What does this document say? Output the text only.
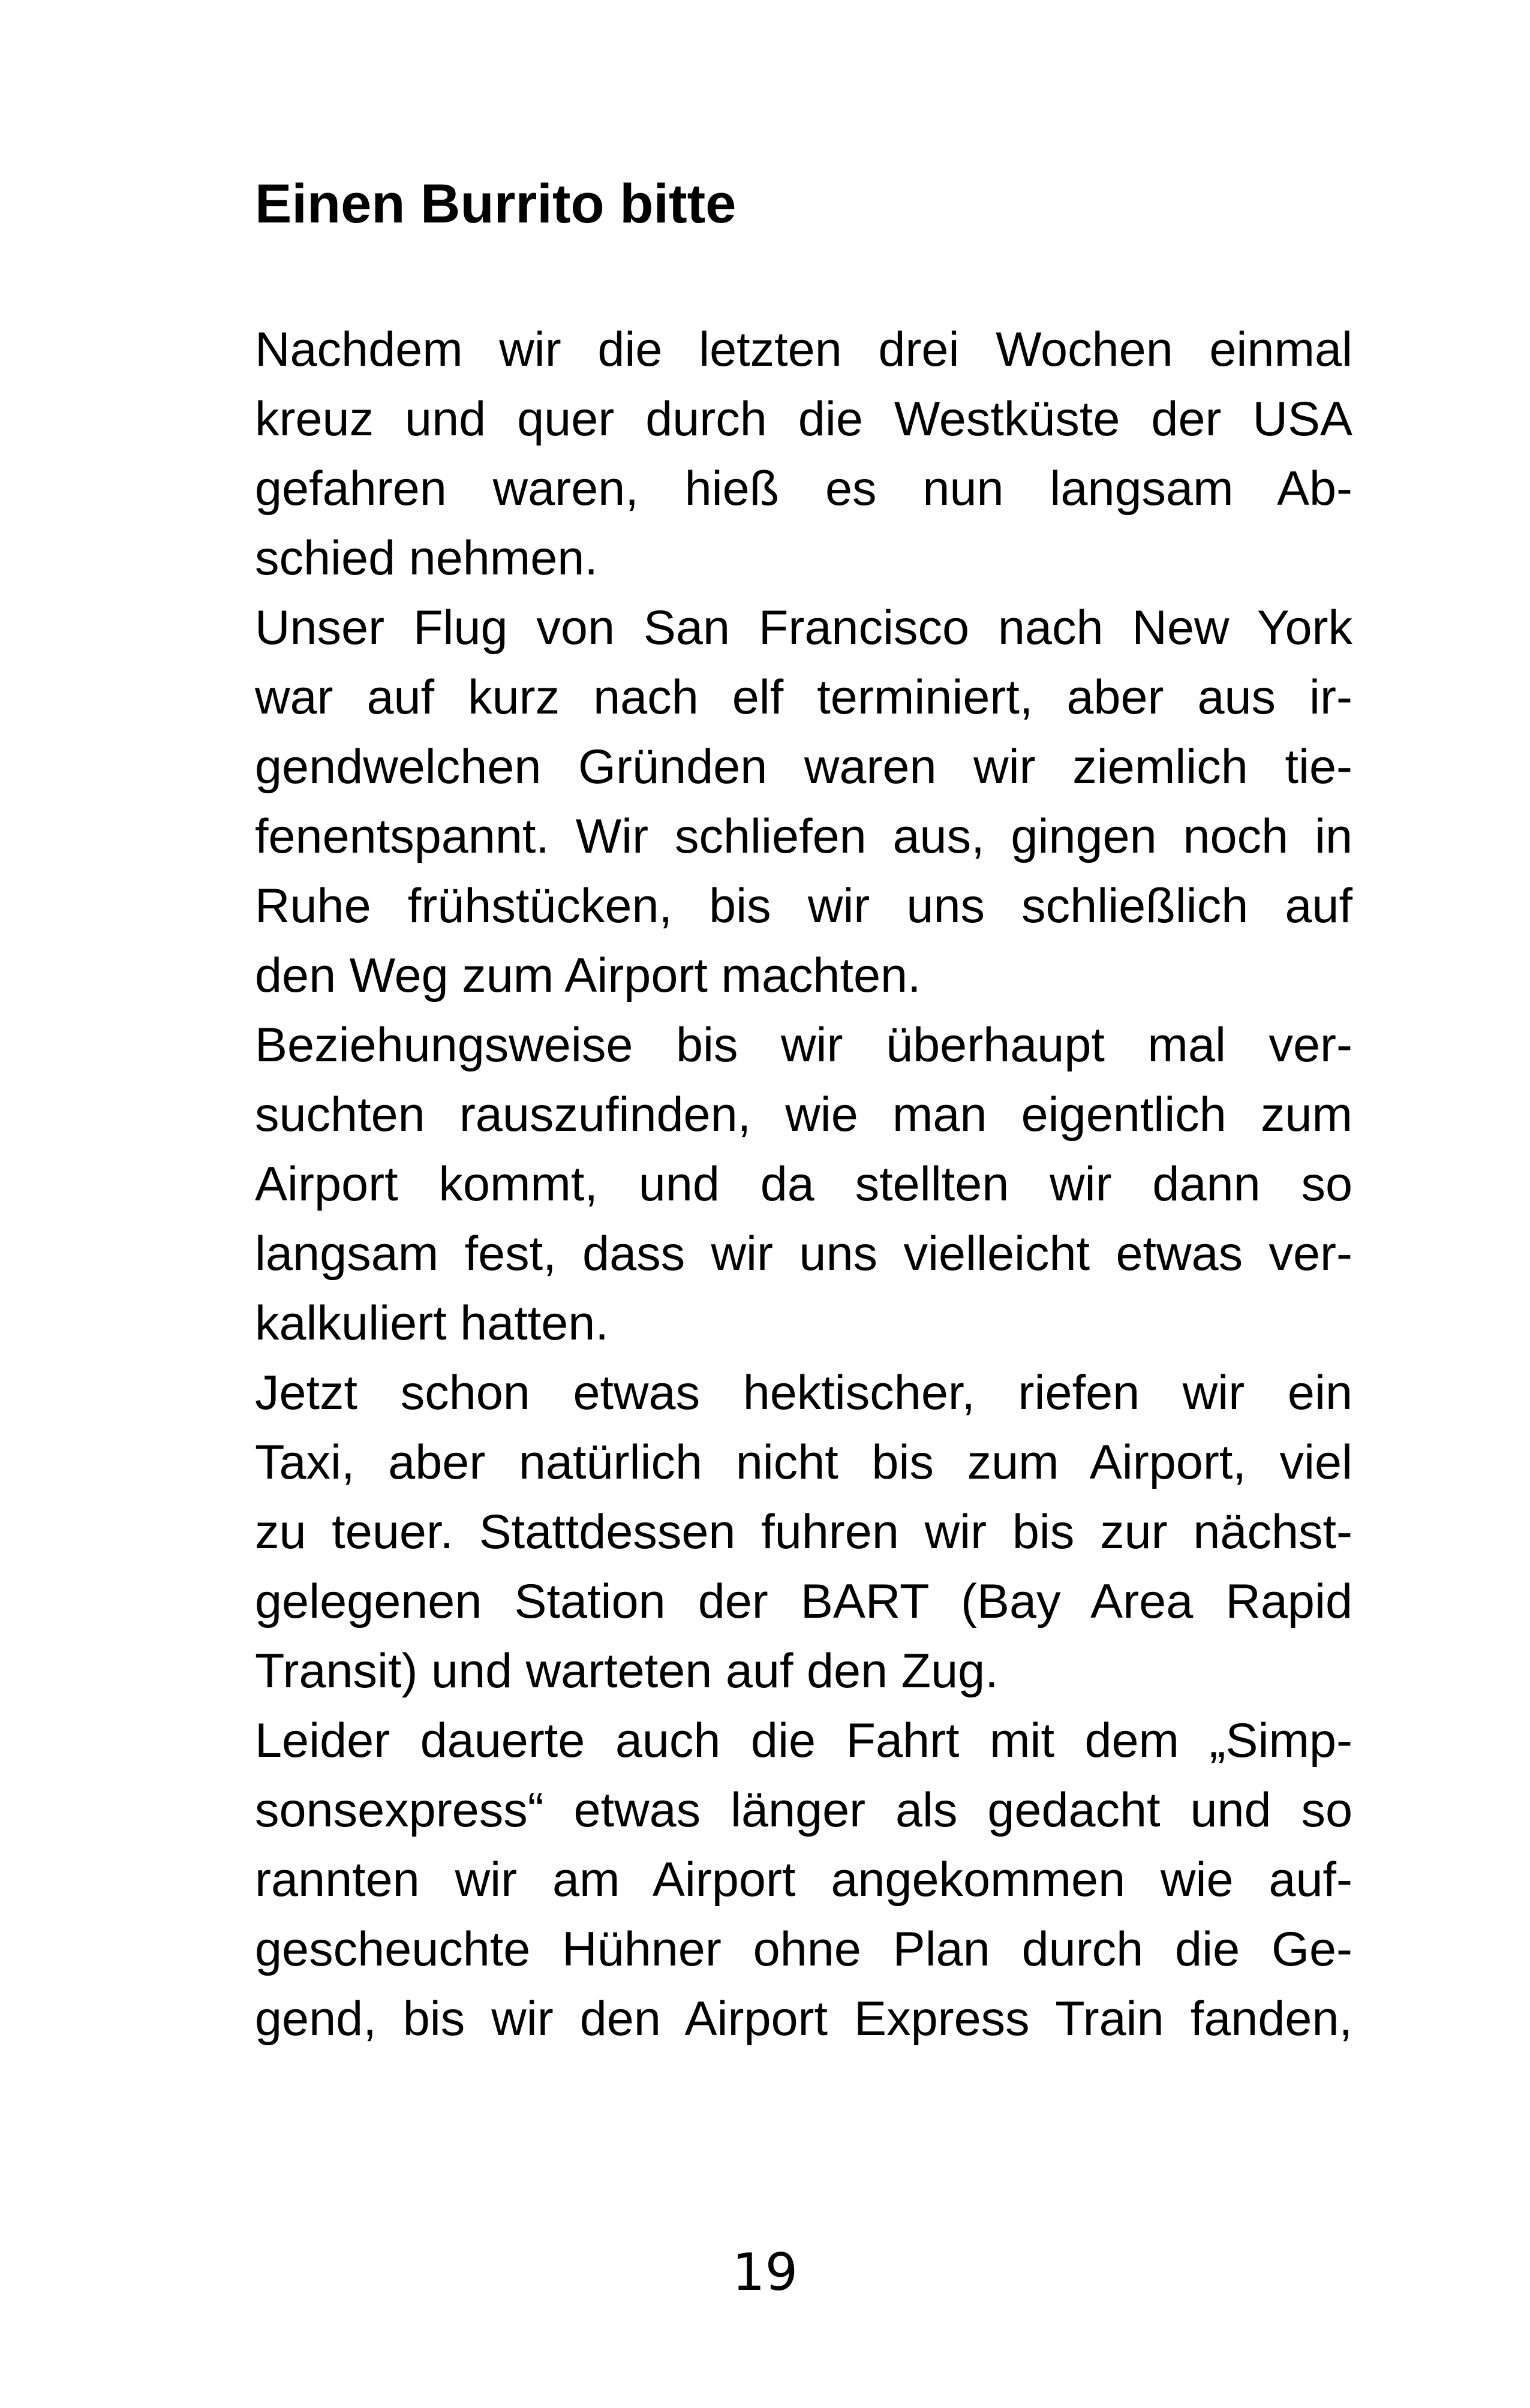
Einen Burrito bitte
Nachdem wir die letzten drei Wochen einmal
kreuz und quer durch die Westküste der USA
gefahren waren, hieß es nun langsam Ab-
schied nehmen.
Unser Flug von San Francisco nach New York
war auf kurz nach elf terminiert, aber aus ir-
gendwelchen Gründen waren wir ziemlich tie-
fenentspannt. Wir schliefen aus, gingen noch in
Ruhe frühstücken, bis wir uns schließlich auf
den Weg zum Airport machten.
Beziehungsweise bis wir überhaupt mal ver-
suchten rauszufinden, wie man eigentlich zum
Airport kommt, und da stellten wir dann so
langsam fest, dass wir uns vielleicht etwas ver-
kalkuliert hatten.
Jetzt schon etwas hektischer, riefen wir ein
Taxi, aber natürlich nicht bis zum Airport, viel
zu teuer. Stattdessen fuhren wir bis zur nächst-
gelegenen Station der BART (Bay Area Rapid
Transit) und warteten auf den Zug.
Leider dauerte auch die Fahrt mit dem „Simp-
sonsexpress“ etwas länger als gedacht und so
rannten wir am Airport angekommen wie auf-
gescheuchte Hühner ohne Plan durch die Ge-
gend, bis wir den Airport Express Train fanden,
19
